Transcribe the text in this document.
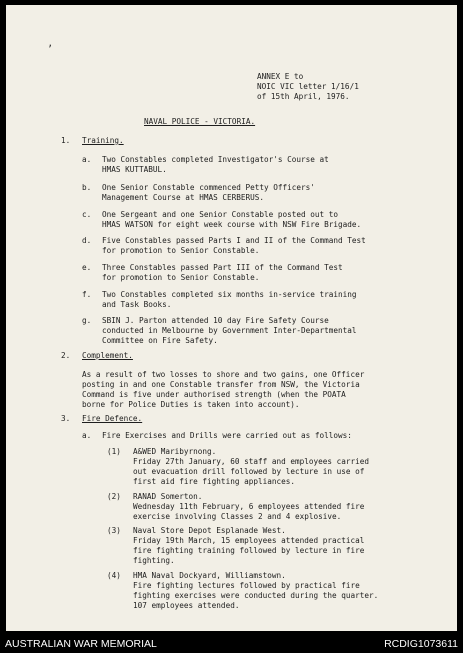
ʼ
ANNEX E to
NOIC VIC letter 1/16/1
of 15th April, 1976.
NAVAL POLICE - VICTORIA.
1. Training.
a. Two Constables completed Investigator's Course at
HMAS KUTTABUL.
b. One Senior Constable commenced Petty Officers'
Management Course at HMAS CERBERUS.
c. One Sergeant and one Senior Constable posted out to
HMAS WATSON for eight week course with NSW Fire Brigade.
d. Five Constables passed Parts I and II of the Command Test
for promotion to Senior Constable.
e. Three Constables passed Part III of the Command Test
for promotion to Senior Constable.
f. Two Constables completed six months in-service training
and Task Books.
g. SBIN J. Parton attended 10 day Fire Safety Course
conducted in Melbourne by Government Inter-Departmental
Committee on Fire Safety.
2. Complement.
As a result of two losses to shore and two gains, one Officer
posting in and one Constable transfer from NSW, the Victoria
Command is five under authorised strength (when the POATA
borne for Police Duties is taken into account).
3. Fire Defence.
a. Fire Exercises and Drills were carried out as follows:
(1) A&WED Maribyrnong.
Friday 27th January, 60 staff and employees carried
out evacuation drill followed by lecture in use of
first aid fire fighting appliances.
(2) RANAD Somerton.
Wednesday 11th February, 6 employees attended fire
exercise involving Classes 2 and 4 explosive.
(3) Naval Store Depot Esplanade West.
Friday 19th March, 15 employees attended practical
fire fighting training followed by lecture in fire
fighting.
(4) HMA Naval Dockyard, Williamstown.
Fire fighting lectures followed by practical fire
fighting exercises were conducted during the quarter.
107 employees attended.
AUSTRALIAN WAR MEMORIAL	RCDIG1073611
